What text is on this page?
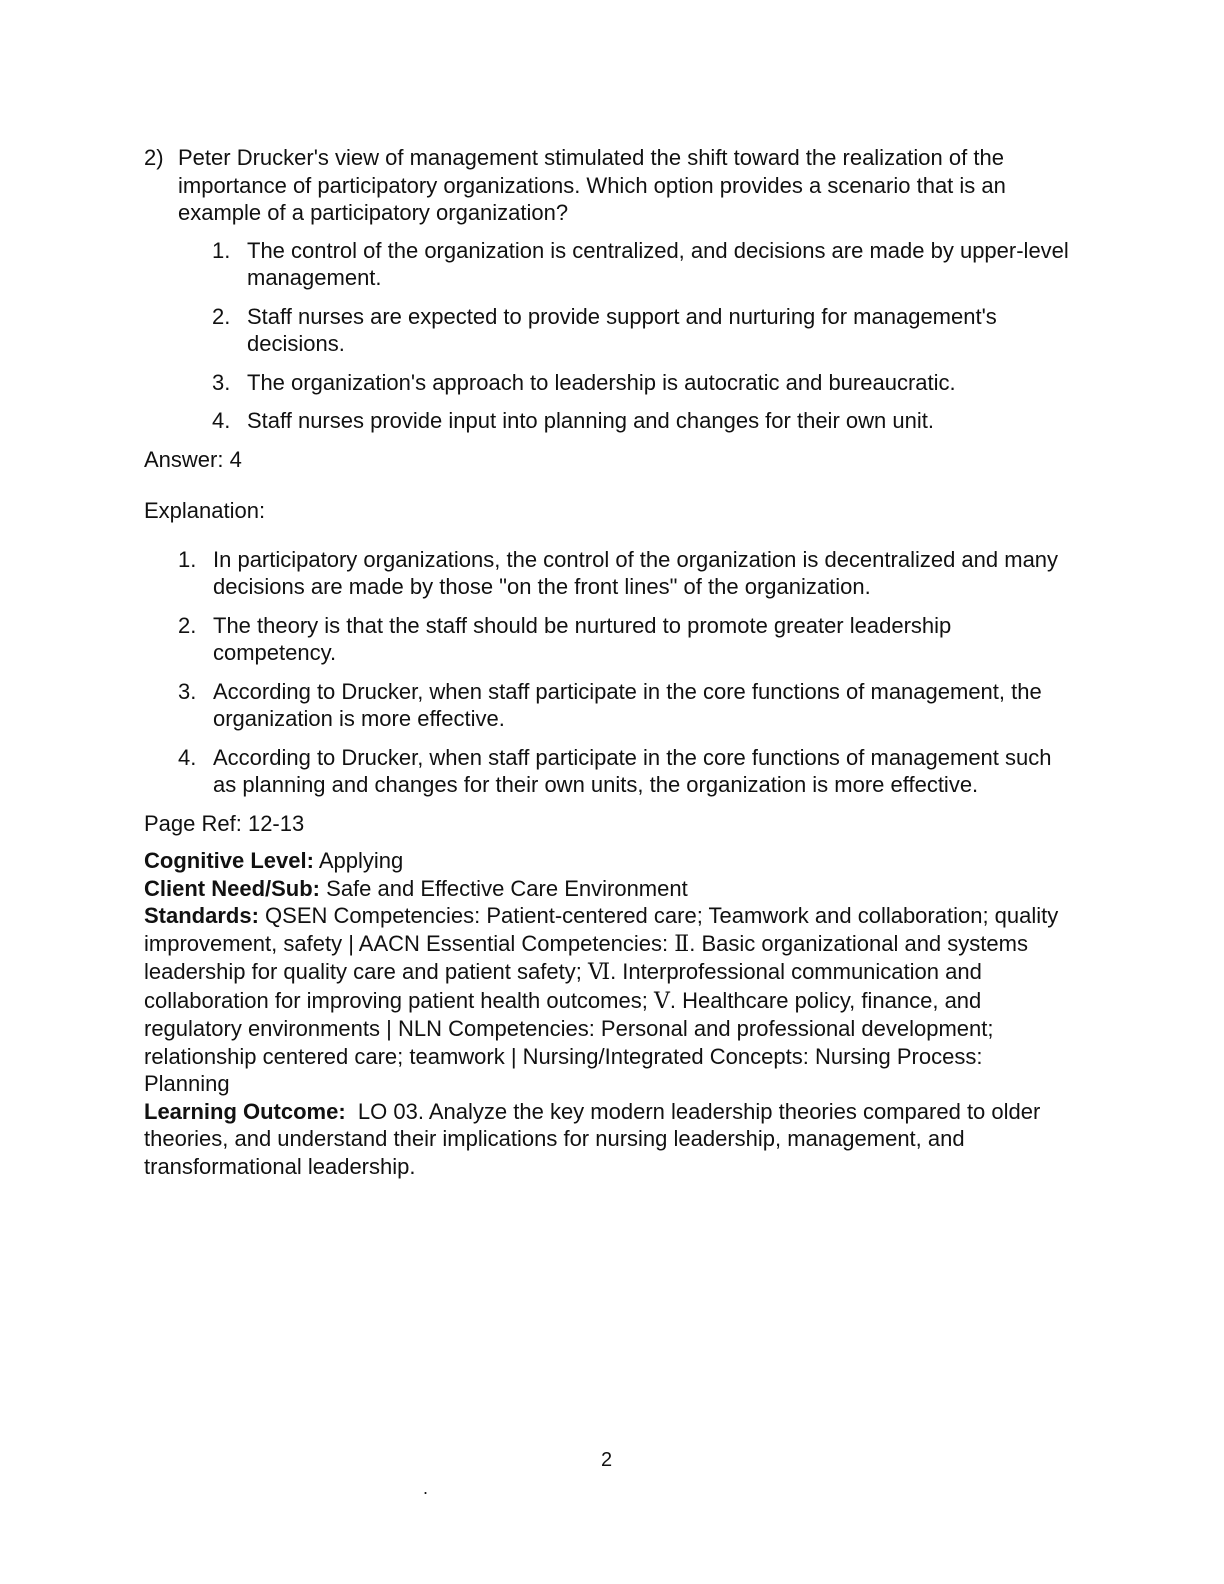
2) Peter Drucker's view of management stimulated the shift toward the realization of the importance of participatory organizations. Which option provides a scenario that is an example of a participatory organization?
1. The control of the organization is centralized, and decisions are made by upper-level management.
2. Staff nurses are expected to provide support and nurturing for management's decisions.
3. The organization's approach to leadership is autocratic and bureaucratic.
4. Staff nurses provide input into planning and changes for their own unit.
Answer: 4
Explanation:
1. In participatory organizations, the control of the organization is decentralized and many decisions are made by those "on the front lines" of the organization.
2. The theory is that the staff should be nurtured to promote greater leadership competency.
3. According to Drucker, when staff participate in the core functions of management, the organization is more effective.
4. According to Drucker, when staff participate in the core functions of management such as planning and changes for their own units, the organization is more effective.
Page Ref: 12-13

Cognitive Level: Applying

Client Need/Sub: Safe and Effective Care Environment

Standards: QSEN Competencies: Patient-centered care; Teamwork and collaboration; quality improvement, safety | AACN Essential Competencies: Ⅱ. Basic organizational and systems leadership for quality care and patient safety; Ⅵ. Interprofessional communication and collaboration for improving patient health outcomes; Ⅴ. Healthcare policy, finance, and regulatory environments | NLN Competencies: Personal and professional development; relationship centered care; teamwork | Nursing/Integrated Concepts: Nursing Process: Planning

Learning Outcome: LO 03. Analyze the key modern leadership theories compared to older theories, and understand their implications for nursing leadership, management, and transformational leadership.

2
.
